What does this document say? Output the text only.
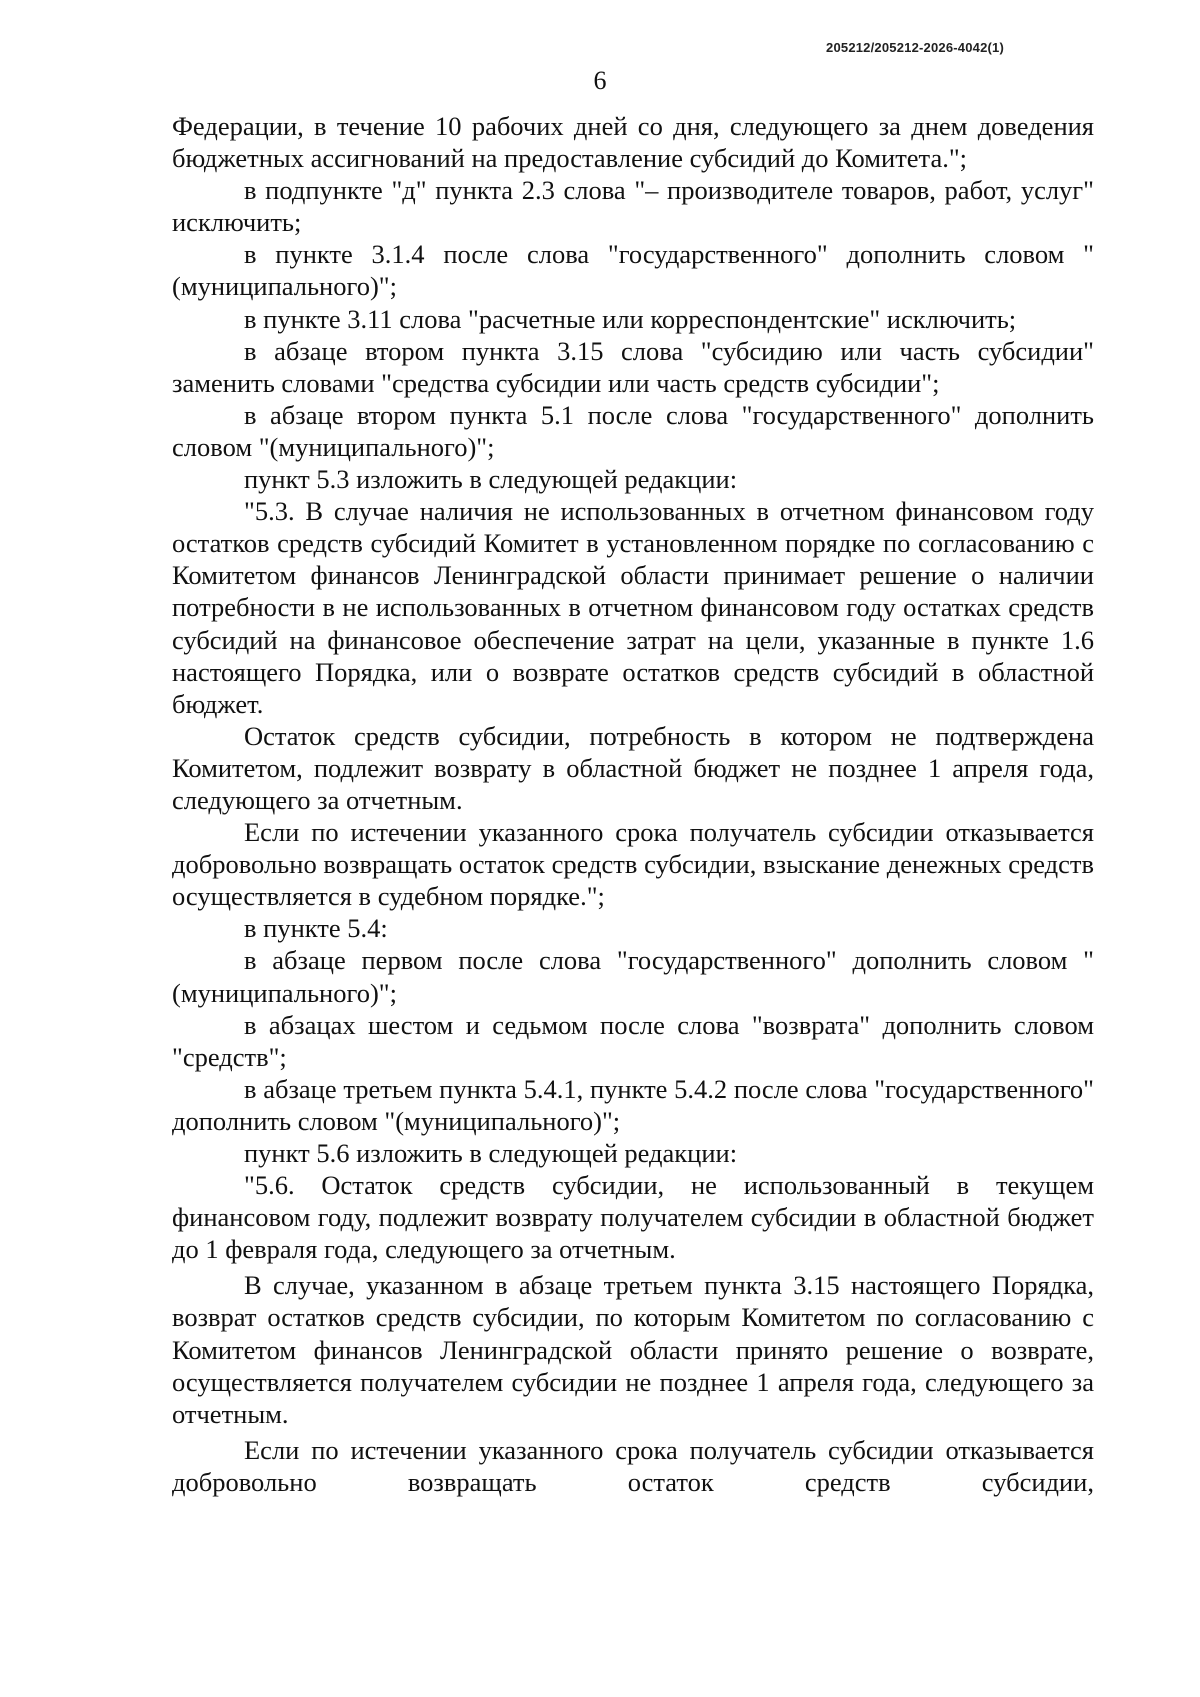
205212/205212-2026-4042(1)
6

Федерации, в течение 10 рабочих дней со дня, следующего за днем доведения бюджетных ассигнований на предоставление субсидий до Комитета.";

в подпункте "д" пункта 2.3 слова "– производителе товаров, работ, услуг" исключить;

в пункте 3.1.4 после слова "государственного" дополнить словом "(муниципального)";

в пункте 3.11 слова "расчетные или корреспондентские" исключить;

в абзаце втором пункта 3.15 слова "субсидию или часть субсидии" заменить словами "средства субсидии или часть средств субсидии";

в абзаце втором пункта 5.1 после слова "государственного" дополнить словом "(муниципального)";

пункт 5.3 изложить в следующей редакции:

"5.3. В случае наличия не использованных в отчетном финансовом году остатков средств субсидий Комитет в установленном порядке по согласованию с Комитетом финансов Ленинградской области принимает решение о наличии потребности в не использованных в отчетном финансовом году остатках средств субсидий на финансовое обеспечение затрат на цели, указанные в пункте 1.6 настоящего Порядка, или о возврате остатков средств субсидий в областной бюджет.

Остаток средств субсидии, потребность в котором не подтверждена Комитетом, подлежит возврату в областной бюджет не позднее 1 апреля года, следующего за отчетным.

Если по истечении указанного срока получатель субсидии отказывается добровольно возвращать остаток средств субсидии, взыскание денежных средств осуществляется в судебном порядке.";

в пункте 5.4:

в абзаце первом после слова "государственного" дополнить словом "(муниципального)";

в абзацах шестом и седьмом после слова "возврата" дополнить словом "средств";

в абзаце третьем пункта 5.4.1, пункте 5.4.2 после слова "государственного" дополнить словом "(муниципального)";

пункт 5.6 изложить в следующей редакции:

"5.6. Остаток средств субсидии, не использованный в текущем финансовом году, подлежит возврату получателем субсидии в областной бюджет до 1 февраля года, следующего за отчетным.

В случае, указанном в абзаце третьем пункта 3.15 настоящего Порядка, возврат остатков средств субсидии, по которым Комитетом по согласованию с Комитетом финансов Ленинградской области принято решение о возврате, осуществляется получателем субсидии не позднее 1 апреля года, следующего за отчетным.

Если по истечении указанного срока получатель субсидии отказывается добровольно возвращать остаток средств субсидии,
